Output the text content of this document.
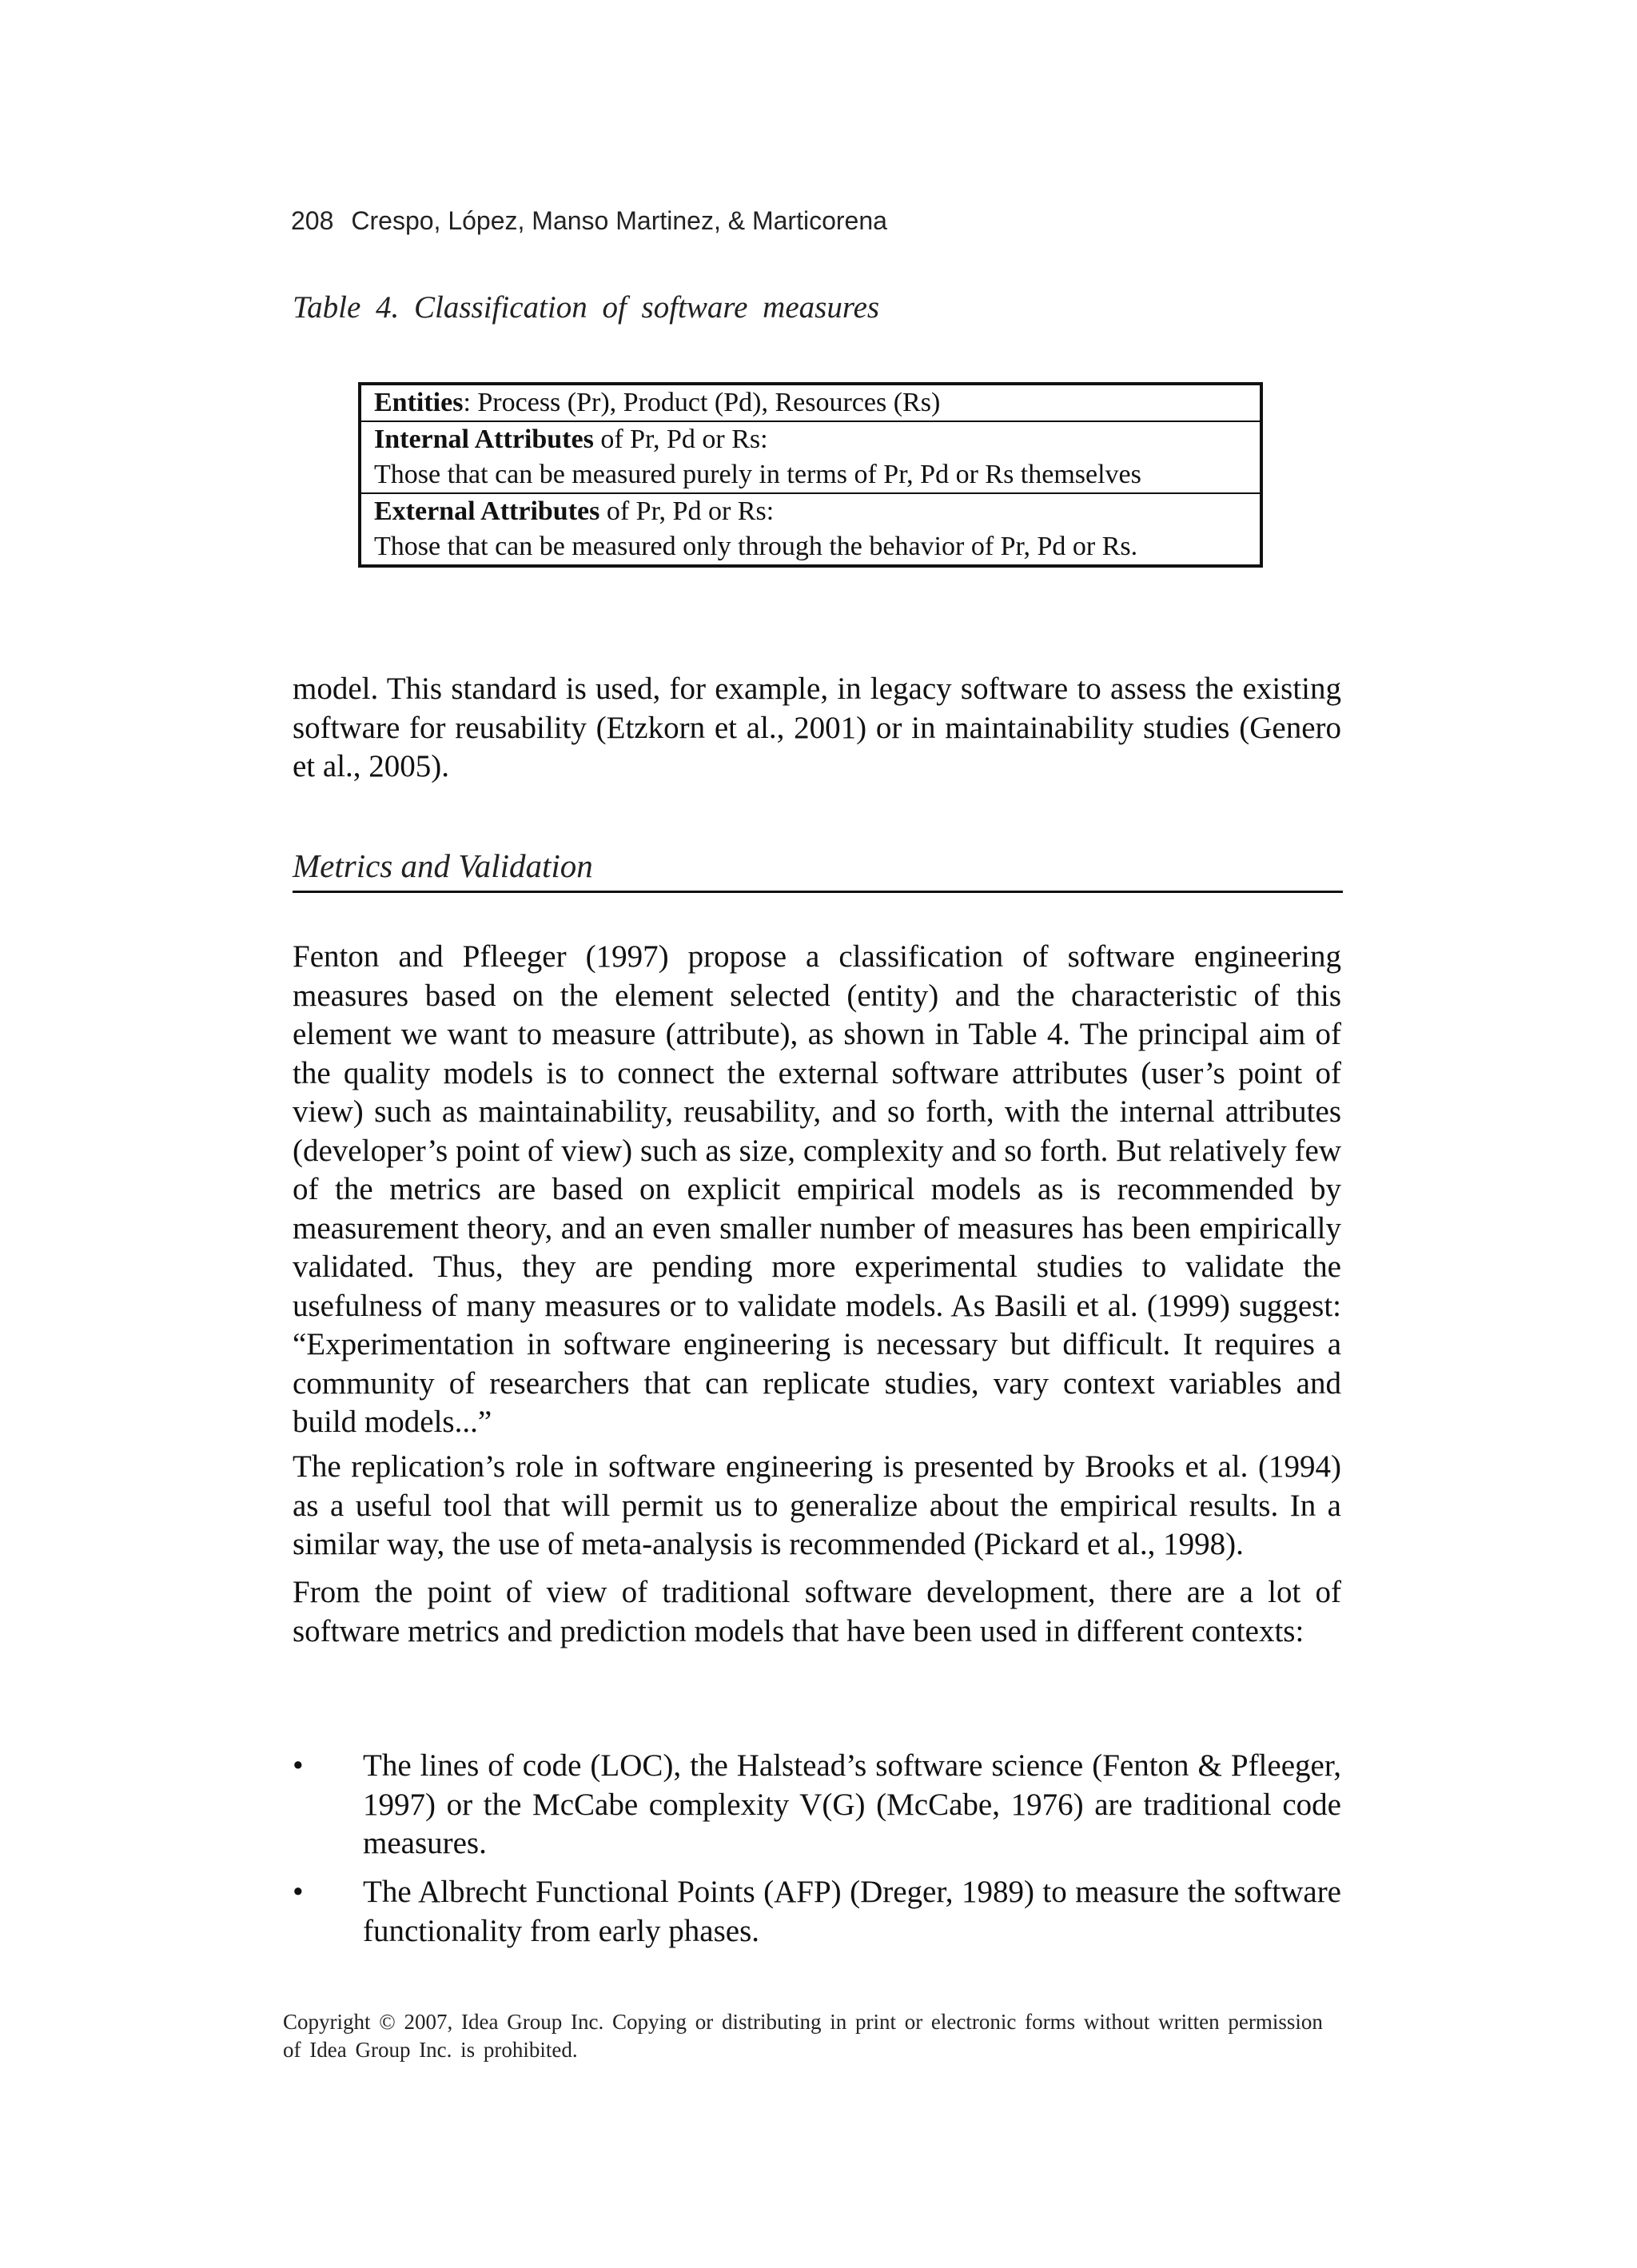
208 Crespo, López, Manso Martinez, & Marticorena
Table 4. Classification of software measures
Entities: Process (Pr), Product (Pd), Resources (Rs)
Internal Attributes of Pr, Pd or Rs:
Those that can be measured purely in terms of Pr, Pd or Rs themselves
External Attributes of Pr, Pd or Rs:
Those that can be measured only through the behavior of Pr, Pd or Rs.

model. This standard is used, for example, in legacy software to assess the existing software for reusability (Etzkorn et al., 2001) or in maintainability studies (Genero et al., 2005).

Metrics and Validation

Fenton and Pfleeger (1997) propose a classification of software engineering measures based on the element selected (entity) and the characteristic of this element we want to measure (attribute), as shown in Table 4. The principal aim of the quality models is to connect the external software attributes (user’s point of view) such as maintainability, reusability, and so forth, with the internal attributes (developer’s point of view) such as size, complexity and so forth. But relatively few of the metrics are based on explicit empirical models as is recommended by measurement theory, and an even smaller number of measures has been empirically validated. Thus, they are pending more experimental studies to validate the usefulness of many measures or to validate models. As Basili et al. (1999) suggest: “Experimentation in software engineering is necessary but difficult. It requires a community of researchers that can replicate studies, vary context variables and build models...”

The replication’s role in software engineering is presented by Brooks et al. (1994) as a useful tool that will permit us to generalize about the empirical results. In a similar way, the use of meta-analysis is recommended (Pickard et al., 1998).

From the point of view of traditional software development, there are a lot of software metrics and prediction models that have been used in different contexts:

• The lines of code (LOC), the Halstead’s software science (Fenton & Pfleeger, 1997) or the McCabe complexity V(G) (McCabe, 1976) are traditional code measures.

• The Albrecht Functional Points (AFP) (Dreger, 1989) to measure the software functionality from early phases.

Copyright © 2007, Idea Group Inc. Copying or distributing in print or electronic forms without written permission of Idea Group Inc. is prohibited.
